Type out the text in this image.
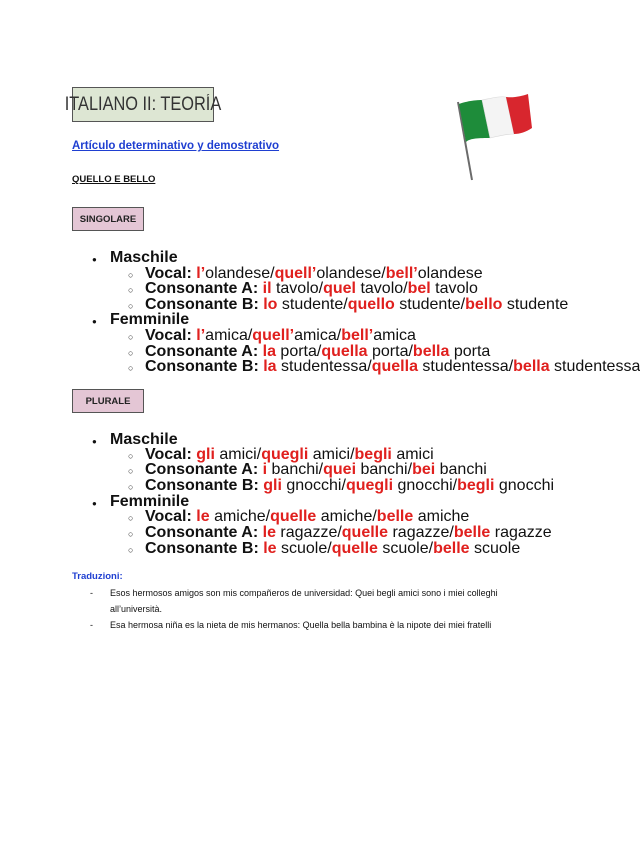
ITALIANO II: TEORÍA
Artículo determinativo y demostrativo
QUELLO E BELLO
SINGOLARE
● Maschile
○ Vocal: l’olandese/quell’olandese/bell’olandese
○ Consonante A: il tavolo/quel tavolo/bel tavolo
○ Consonante B: lo studente/quello studente/bello studente
● Femminile
○ Vocal: l’amica/quell’amica/bell’amica
○ Consonante A: la porta/quella porta/bella porta
○ Consonante B: la studentessa/quella studentessa/bella studentessa
PLURALE
● Maschile
○ Vocal: gli amici/quegli amici/begli amici
○ Consonante A: i banchi/quei banchi/bei banchi
○ Consonante B: gli gnocchi/quegli gnocchi/begli gnocchi
● Femminile
○ Vocal: le amiche/quelle amiche/belle amiche
○ Consonante A: le ragazze/quelle ragazze/belle ragazze
○ Consonante B: le scuole/quelle scuole/belle scuole
Traduzioni:
- Esos hermosos amigos son mis compañeros de universidad: Quei begli amici sono i miei colleghi all’università.
- Esa hermosa niña es la nieta de mis hermanos: Quella bella bambina è la nipote dei miei fratelli
